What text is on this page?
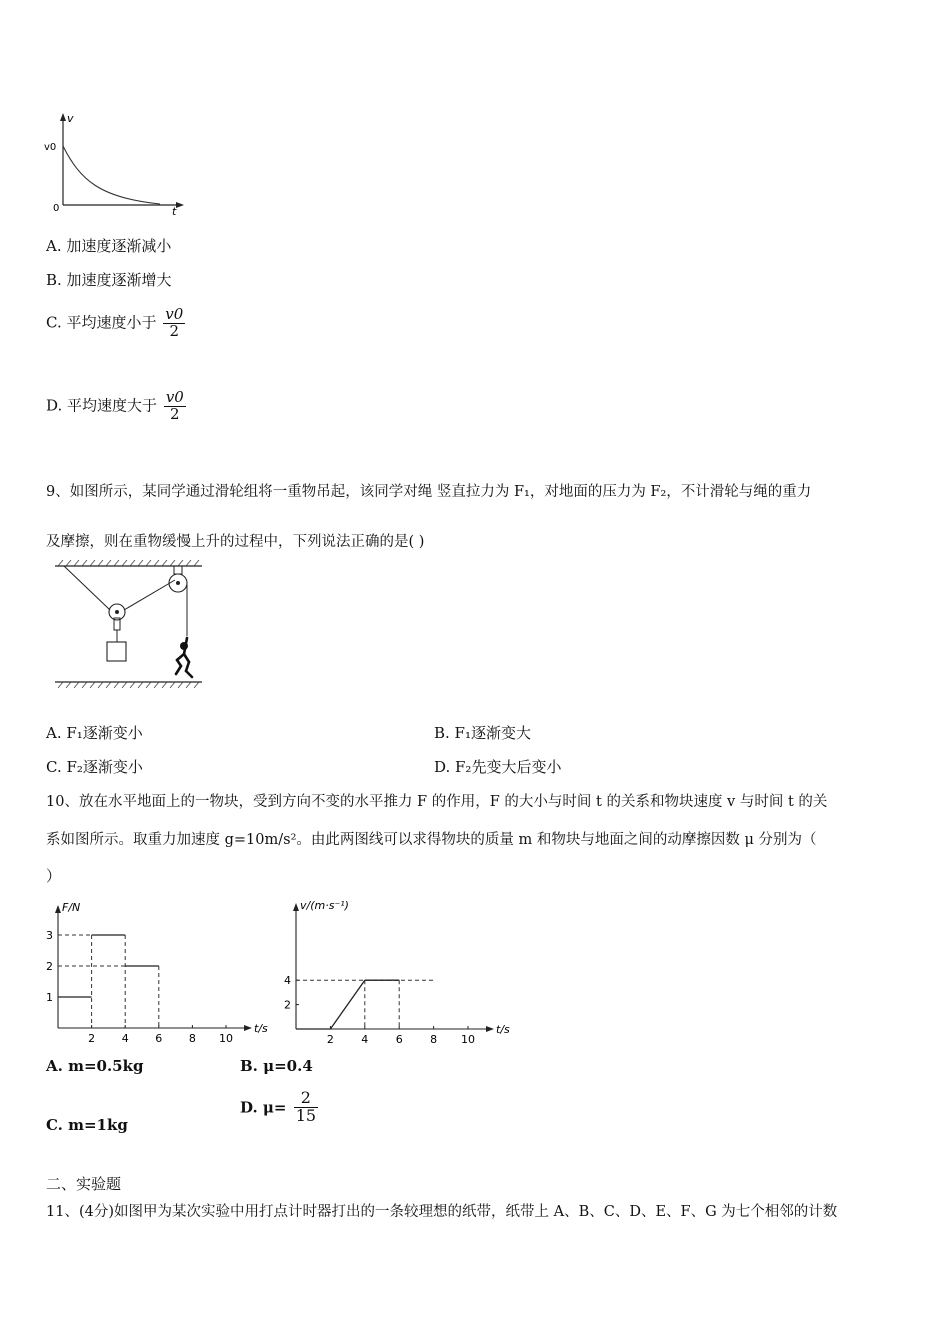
v
v0
0	t
A. 加速度逐渐减小
B. 加速度逐渐增大
C. 平均速度小于 $\frac{v0}{2}$
D. 平均速度大于 $\frac{v0}{2}$
9、如图所示，某同学通过滑轮组将一重物吊起，该同学对绳 竖直拉力为 F₁，对地面的压力为 F₂，不计滑轮与绳的重力
及摩擦，则在重物缓慢上升的过程中，下列说法正确的是( )
A. F₁逐渐变小	B. F₁逐渐变大
C. F₂逐渐变小	D. F₂先变大后变小
10、放在水平地面上的一物块，受到方向不变的水平推力 F 的作用，F 的大小与时间 t 的关系和物块速度 v 与时间 t 的关
系如图所示。取重力加速度 g=10m/s²。由此两图线可以求得物块的质量 m 和物块与地面之间的动摩擦因数 μ 分别为（
）
F/N
t/s
2 4 6 8 10
1
2
3
v/(m·s⁻¹)
t/s
2 4 6 8 10
2
4
A. m=0.5kg	B. μ=0.4
C. m=1kg
D. $\mu= \frac{2}{15}$
二、实验题
11、(4分)如图甲为某次实验中用打点计时器打出的一条较理想的纸带，纸带上 A、B、C、D、E、F、G 为七个相邻的计数
